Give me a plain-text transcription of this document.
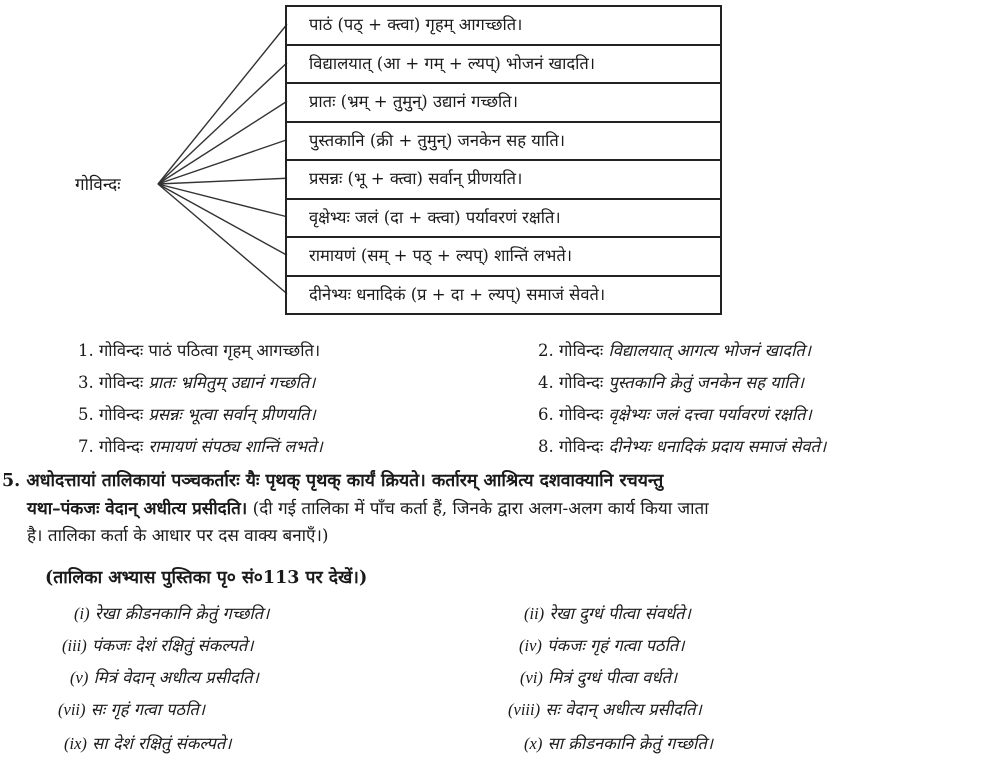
गोविन्दः
पाठं (पठ् + क्त्वा) गृहम् आगच्छति।
विद्यालयात् (आ + गम् + ल्यप्) भोजनं खादति।
प्रातः (भ्रम् + तुमुन्) उद्यानं गच्छति।
पुस्तकानि (क्री + तुमुन्) जनकेन सह याति।
प्रसन्नः (भू + क्त्वा) सर्वान् प्रीणयति।
वृक्षेभ्यः जलं (दा + क्त्वा) पर्यावरणं रक्षति।
रामायणं (सम् + पठ् + ल्यप्) शान्तिं लभते।
दीनेभ्यः धनादिकं (प्र + दा + ल्यप्) समाजं सेवते।
1. गोविन्दः पाठं पठित्वा गृहम् आगच्छति।	2. गोविन्दः विद्यालयात् आगत्य भोजनं खादति।
3. गोविन्दः प्रातः भ्रमितुम् उद्यानं गच्छति।	4. गोविन्दः पुस्तकानि क्रेतुं जनकेन सह याति।
5. गोविन्दः प्रसन्नः भूत्वा सर्वान् प्रीणयति।	6. गोविन्दः वृक्षेभ्यः जलं दत्त्वा पर्यावरणं रक्षति।
7. गोविन्दः रामायणं संपठ्य शान्तिं लभते।	8. गोविन्दः दीनेभ्यः धनादिकं प्रदाय समाजं सेवते।
5. अधोदत्तायां तालिकायां पञ्चकर्तारः यैः पृथक् पृथक् कार्यं क्रियते। कर्तारम् आश्रित्य दशवाक्यानि रचयन्तु
यथा–पंकजः वेदान् अधीत्य प्रसीदति। (दी गई तालिका में पाँच कर्ता हैं, जिनके द्वारा अलग-अलग कार्य किया जाता
है। तालिका कर्ता के आधार पर दस वाक्य बनाएँ।)
(तालिका अभ्यास पुस्तिका पृ० सं०113 पर देखें।)
(i) रेखा क्रीडनकानि क्रेतुं गच्छति।	(ii) रेखा दुग्धं पीत्वा संवर्धते।
(iii) पंकजः देशं रक्षितुं संकल्पते।	(iv) पंकजः गृहं गत्वा पठति।
(v) मित्रं वेदान् अधीत्य प्रसीदति।	(vi) मित्रं दुग्धं पीत्वा वर्धते।
(vii) सः गृहं गत्वा पठति।	(viii) सः वेदान् अधीत्य प्रसीदति।
(ix) सा देशं रक्षितुं संकल्पते।	(x) सा क्रीडनकानि क्रेतुं गच्छति।
